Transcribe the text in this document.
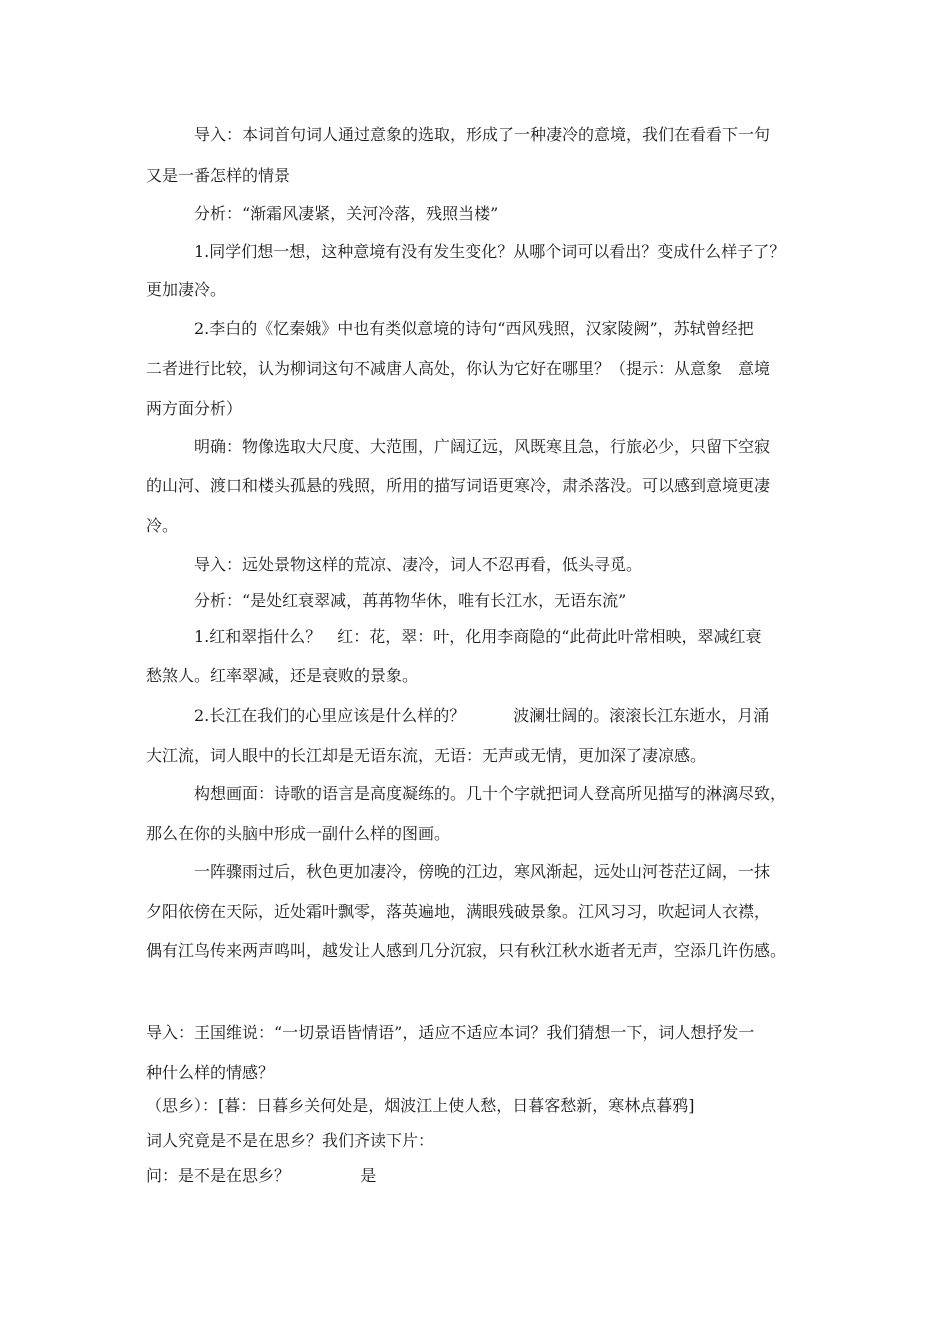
导入：本词首句词人通过意象的选取，形成了一种凄冷的意境，我们在看看下一句

又是一番怎样的情景

分析：“渐霜风凄紧，关河冷落，残照当楼”

1.同学们想一想，这种意境有没有发生变化？从哪个词可以看出？变成什么样子了？

更加凄冷。

2.李白的《忆秦娥》中也有类似意境的诗句“西风残照，汉家陵阙”，苏轼曾经把

二者进行比较，认为柳词这句不减唐人高处，你认为它好在哪里？（提示：从意象　意境

两方面分析）

明确：物像选取大尺度、大范围，广阔辽远，风既寒且急，行旅必少，只留下空寂

的山河、渡口和楼头孤悬的残照，所用的描写词语更寒冷，肃杀落没。可以感到意境更凄

冷。

导入：远处景物这样的荒凉、凄冷，词人不忍再看，低头寻觅。

分析：“是处红衰翠减，苒苒物华休，唯有长江水，无语东流”

1.红和翠指什么？　红：花，翠：叶，化用李商隐的“此荷此叶常相映，翠减红衰

愁煞人。红率翠减，还是衰败的景象。

2.长江在我们的心里应该是什么样的？　　　波澜壮阔的。滚滚长江东逝水，月涌

大江流，词人眼中的长江却是无语东流，无语：无声或无情，更加深了凄凉感。

构想画面：诗歌的语言是高度凝练的。几十个字就把词人登高所见描写的淋漓尽致，

那么在你的头脑中形成一副什么样的图画。

一阵骤雨过后，秋色更加凄冷，傍晚的江边，寒风渐起，远处山河苍茫辽阔，一抹

夕阳依傍在天际，近处霜叶飘零，落英遍地，满眼残破景象。江风习习，吹起词人衣襟，

偶有江鸟传来两声鸣叫，越发让人感到几分沉寂，只有秋江秋水逝者无声，空添几许伤感。

导入：王国维说：“一切景语皆情语”，适应不适应本词？我们猜想一下，词人想抒发一

种什么样的情感？

（思乡）：[暮：日暮乡关何处是，烟波江上使人愁，日暮客愁新，寒林点暮鸦]
词人究竟是不是在思乡？我们齐读下片：
问：是不是在思乡？	是
